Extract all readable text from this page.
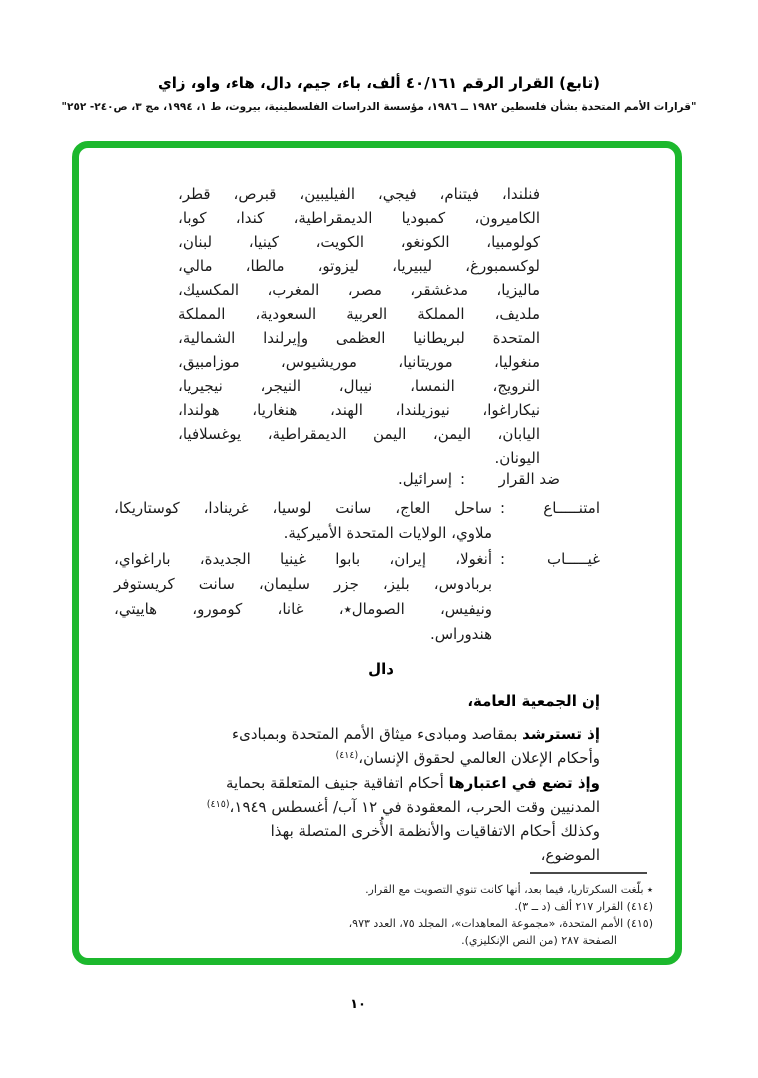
(تابع) القرار الرقم ٤٠/١٦١ ألف، باء، جيم، دال، هاء، واو، زاي
"قرارات الأمم المتحدة بشأن فلسطين ١٩٨٢ ــ ١٩٨٦، مؤسسة الدراسات الفلسطينية، بيروت، ط ١، ١٩٩٤، مج ٣، ص٢٤٠- ٢٥٢"
فنلندا، فيتنام، فيجي، الفيليبين، قبرص، قطر،
الكاميرون، كمبوديا الديمقراطية، كندا، كوبا،
كولومبيا، الكونغو، الكويت، كينيا، لبنان،
لوكسمبورغ، ليبيريا، ليزوتو، مالطا، مالي،
ماليزيا، مدغشقر، مصر، المغرب، المكسيك،
ملديف، المملكة العربية السعودية، المملكة
المتحدة لبريطانيا العظمى وإيرلندا الشمالية،
منغوليا، موريتانيا، موريشيوس، موزامبيق،
النرويج، النمسا، نيبال، النيجر، نيجيريا،
نيكاراغوا، نيوزيلندا، الهند، هنغاريا، هولندا،
اليابان، اليمن، اليمن الديمقراطية، يوغسلافيا،
اليونان.
ضد القرار
:
إسرائيل.
امتنـــــاع
:
ساحل العاج، سانت لوسيا، غرينادا، كوستاريكا،
ملاوي، الولايات المتحدة الأميركية.
غيـــــاب
:
أنغولا، إيران، بابوا غينيا الجديدة، باراغواي،
بربادوس، بليز، جزر سليمان، سانت كريستوفر
ونيفيس، الصومال٭، غانا، كومورو، هاييتي،
هندوراس.
دال
إن الجمعية العامة،
إذ تسترشد بمقاصد ومبادىء ميثاق الأمم المتحدة وبمبادىء
وأحكام الإعلان العالمي لحقوق الإنسان،$^{(٤١٤)}$
وإذ تضع في اعتبارها أحكام اتفاقية جنيف المتعلقة بحماية
المدنيين وقت الحرب، المعقودة في ١٢ آب/ أغسطس ١٩٤٩،$^{(٤١٥)}$
وكذلك أحكام الاتفاقيات والأنظمة الأُخرى المتصلة بهذا
الموضوع،
٭ بلّغت السكرتاريا، فيما بعد، أنها كانت تنوي التصويت مع القرار.
(٤١٤) القرار ٢١٧ ألف (د ــ ٣).
(٤١٥) الأمم المتحدة، «مجموعة المعاهدات»، المجلد ٧٥، العدد ٩٧٣،
الصفحة ٢٨٧ (من النص الإنكليزي).
١٠
